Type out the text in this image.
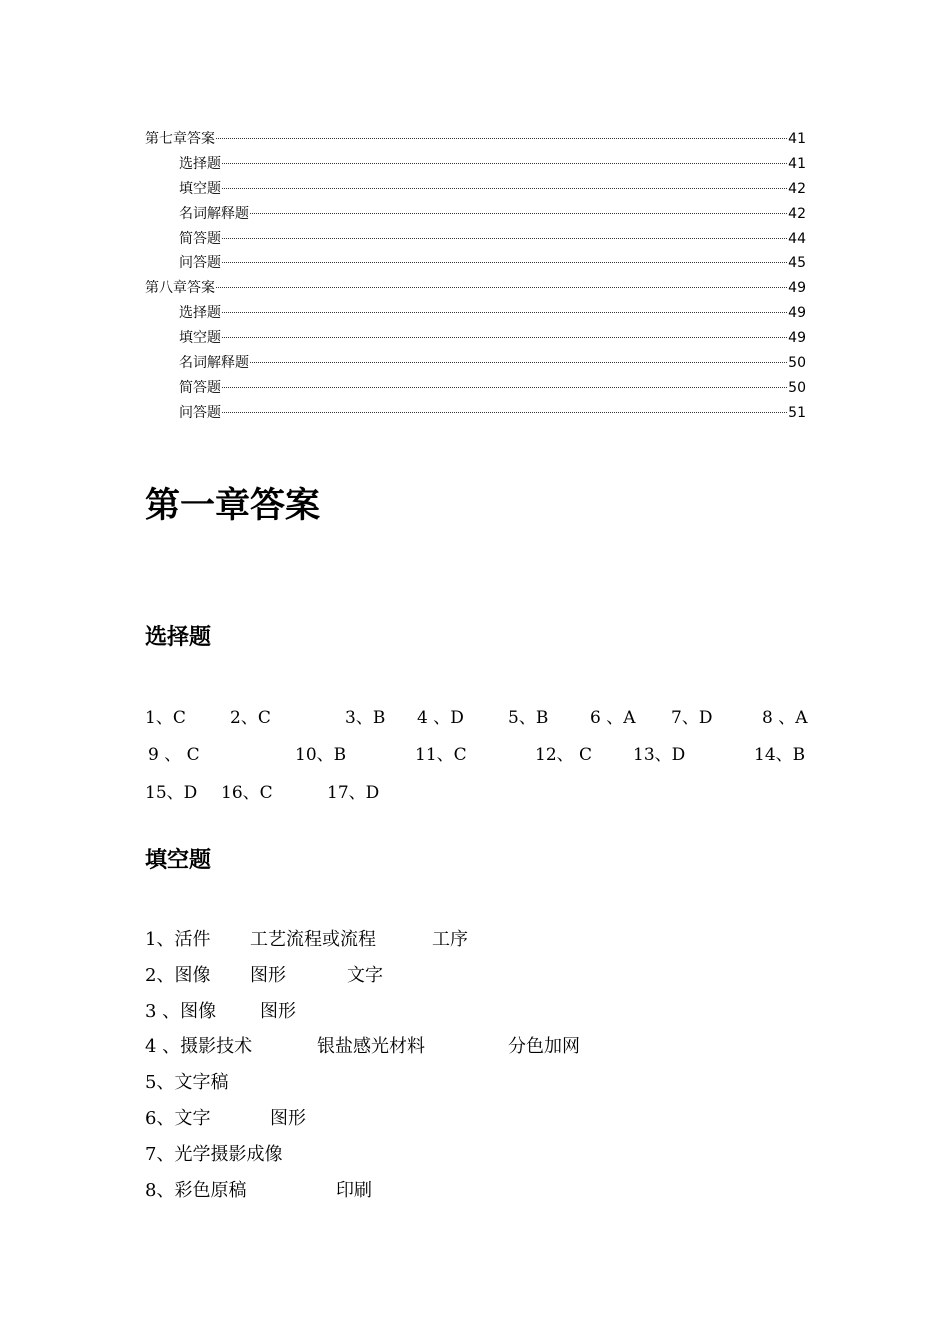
第七章答案	41
选择题	41
填空题	42
名词解释题	42
简答题	44
问答题	45
第八章答案	49
选择题	49
填空题	49
名词解释题	50
简答题	50
问答题	51
第一章答案
选择题
1、C	2、C	3、B 4 、D	5、B 6 、A 7、D	8 、A
9 、 C	10、B	11、C	12、 C 13、D	14、B
15、D 16、C	17、D
填空题
1、活件 工艺流程或流程	工序
2、图像 图形	文字
3 、图像 图形
4 、摄影技术	银盐感光材料	分色加网
5、文字稿
6、文字	图形
7、光学摄影成像
8、彩色原稿	印刷
